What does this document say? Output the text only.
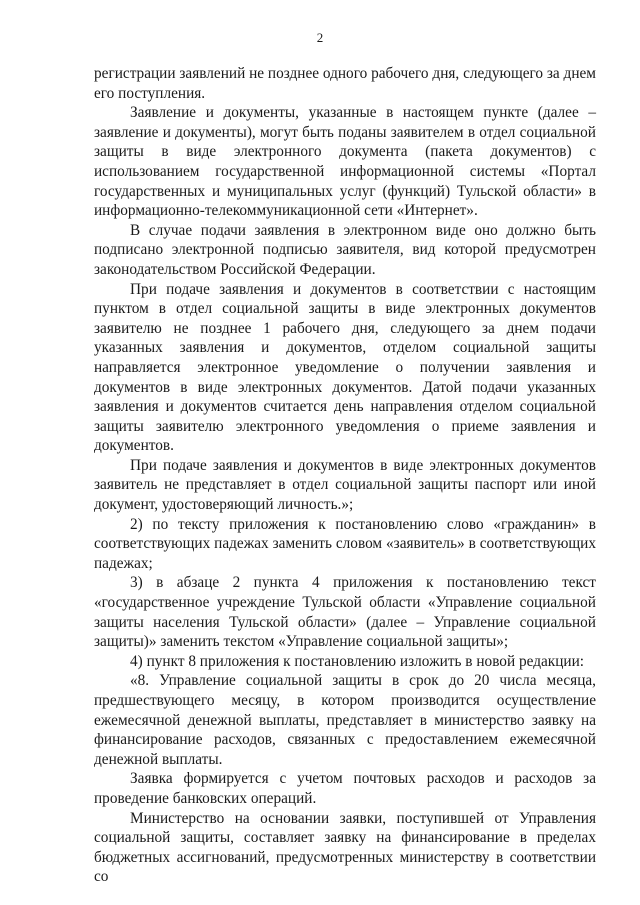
2

регистрации заявлений не позднее одного рабочего дня, следующего за днем его поступления.

Заявление и документы, указанные в настоящем пункте (далее – заявление и документы), могут быть поданы заявителем в отдел социальной защиты в виде электронного документа (пакета документов) с использованием государственной информационной системы «Портал государственных и муниципальных услуг (функций) Тульской области» в информационно-телекоммуникационной сети «Интернет».

В случае подачи заявления в электронном виде оно должно быть подписано электронной подписью заявителя, вид которой предусмотрен законодательством Российской Федерации.

При подаче заявления и документов в соответствии с настоящим пунктом в отдел социальной защиты в виде электронных документов заявителю не позднее 1 рабочего дня, следующего за днем подачи указанных заявления и документов, отделом социальной защиты направляется электронное уведомление о получении заявления и документов в виде электронных документов. Датой подачи указанных заявления и документов считается день направления отделом социальной защиты заявителю электронного уведомления о приеме заявления и документов.

При подаче заявления и документов в виде электронных документов заявитель не представляет в отдел социальной защиты паспорт или иной документ, удостоверяющий личность.»;

2) по тексту приложения к постановлению слово «гражданин» в соответствующих падежах заменить словом «заявитель» в соответствующих падежах;

3) в абзаце 2 пункта 4 приложения к постановлению текст «государственное учреждение Тульской области «Управление социальной защиты населения Тульской области» (далее – Управление социальной защиты)» заменить текстом «Управление социальной защиты»;

4) пункт 8 приложения к постановлению изложить в новой редакции:

«8. Управление социальной защиты в срок до 20 числа месяца, предшествующего месяцу, в котором производится осуществление ежемесячной денежной выплаты, представляет в министерство заявку на финансирование расходов, связанных с предоставлением ежемесячной денежной выплаты.

Заявка формируется с учетом почтовых расходов и расходов за проведение банковских операций.

Министерство на основании заявки, поступившей от Управления социальной защиты, составляет заявку на финансирование в пределах бюджетных ассигнований, предусмотренных министерству в соответствии со
